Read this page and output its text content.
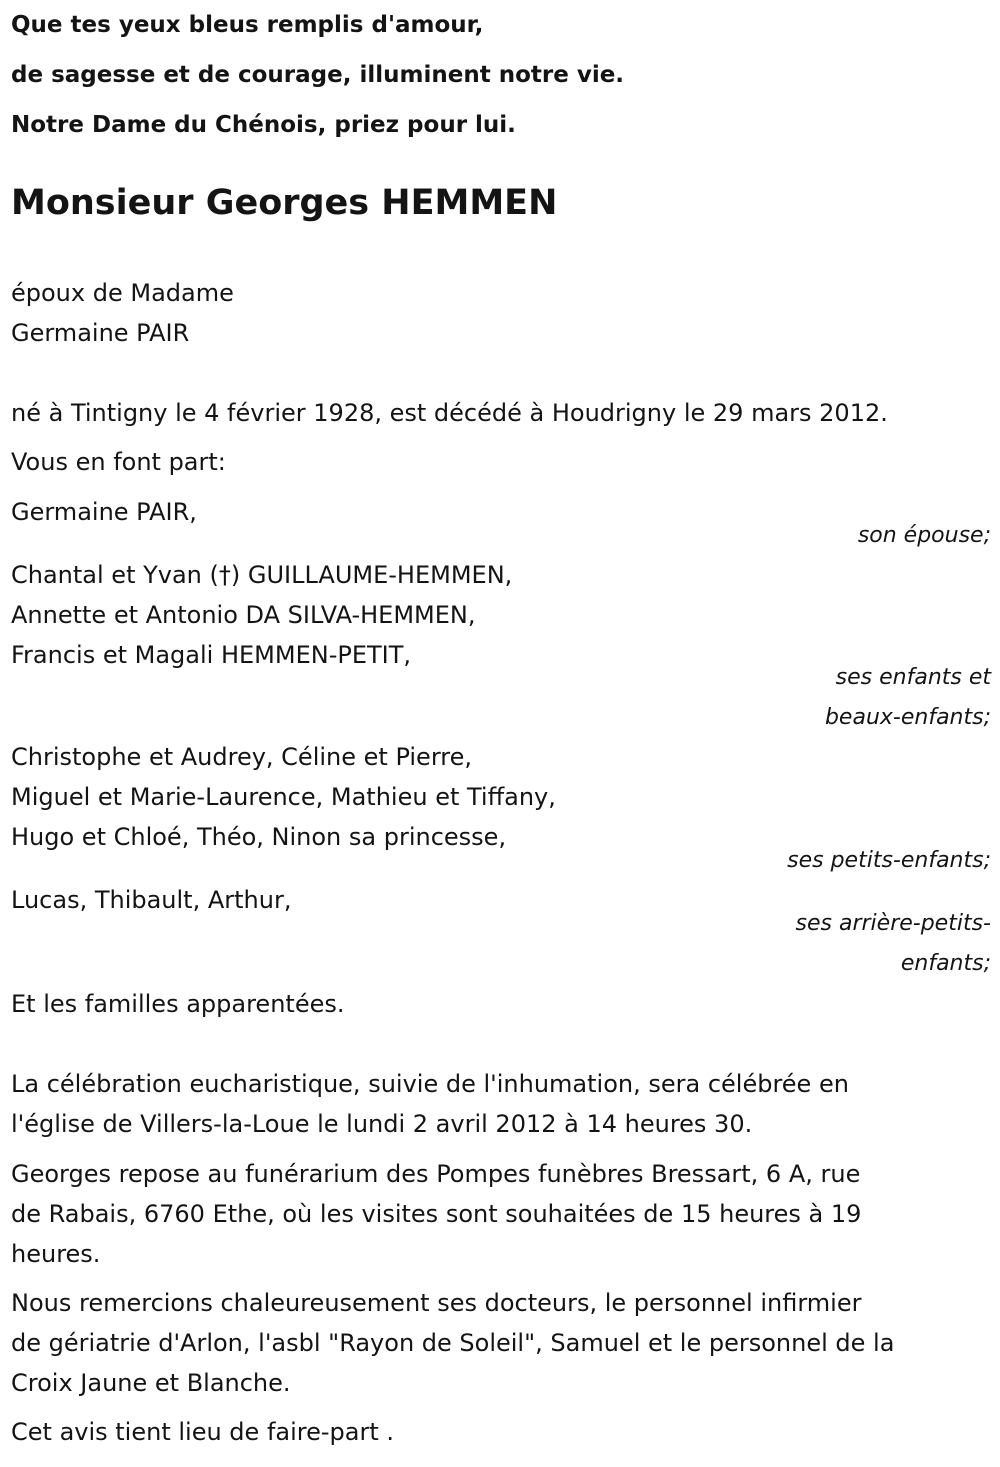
Que tes yeux bleus remplis d'amour,

de sagesse et de courage, illuminent notre vie.

Notre Dame du Chénois, priez pour lui.

Monsieur Georges HEMMEN

époux de Madame

Germaine PAIR

né à Tintigny le 4 février 1928, est décédé à Houdrigny le 29 mars 2012.

Vous en font part:

Germaine PAIR,

son épouse;

Chantal et Yvan (†) GUILLAUME-HEMMEN,

Annette et Antonio DA SILVA-HEMMEN,

Francis et Magali HEMMEN-PETIT,

ses enfants et

beaux-enfants;

Christophe et Audrey, Céline et Pierre,

Miguel et Marie-Laurence, Mathieu et Tiffany,

Hugo et Chloé, Théo, Ninon sa princesse,

ses petits-enfants;

Lucas, Thibault, Arthur,

ses arrière-petits-

enfants;

Et les familles apparentées.

La célébration eucharistique, suivie de l'inhumation, sera célébrée en

l'église de Villers-la-Loue le lundi 2 avril 2012 à 14 heures 30.

Georges repose au funérarium des Pompes funèbres Bressart, 6 A, rue

de Rabais, 6760 Ethe, où les visites sont souhaitées de 15 heures à 19

heures.

Nous remercions chaleureusement ses docteurs, le personnel infirmier

de gériatrie d'Arlon, l'asbl "Rayon de Soleil", Samuel et le personnel de la

Croix Jaune et Blanche.

Cet avis tient lieu de faire-part .
